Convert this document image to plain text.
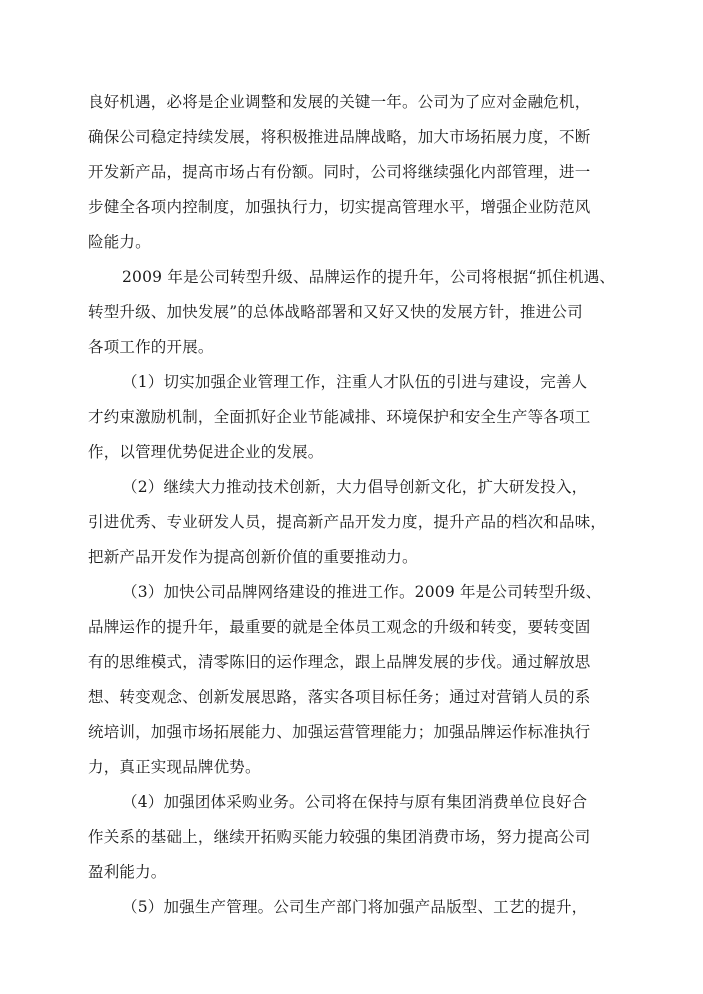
良好机遇，必将是企业调整和发展的关键一年。公司为了应对金融危机，
确保公司稳定持续发展，将积极推进品牌战略，加大市场拓展力度，不断
开发新产品，提高市场占有份额。同时，公司将继续强化内部管理，进一
步健全各项内控制度，加强执行力，切实提高管理水平，增强企业防范风
险能力。
2009 年是公司转型升级、品牌运作的提升年，公司将根据“抓住机遇、
转型升级、加快发展”的总体战略部署和又好又快的发展方针，推进公司
各项工作的开展。
（1）切实加强企业管理工作，注重人才队伍的引进与建设，完善人
才约束激励机制，全面抓好企业节能减排、环境保护和安全生产等各项工
作，以管理优势促进企业的发展。
（2）继续大力推动技术创新，大力倡导创新文化，扩大研发投入，
引进优秀、专业研发人员，提高新产品开发力度，提升产品的档次和品味，
把新产品开发作为提高创新价值的重要推动力。
（3）加快公司品牌网络建设的推进工作。2009 年是公司转型升级、
品牌运作的提升年，最重要的就是全体员工观念的升级和转变，要转变固
有的思维模式，清零陈旧的运作理念，跟上品牌发展的步伐。通过解放思
想、转变观念、创新发展思路，落实各项目标任务；通过对营销人员的系
统培训，加强市场拓展能力、加强运营管理能力；加强品牌运作标准执行
力，真正实现品牌优势。
（4）加强团体采购业务。公司将在保持与原有集团消费单位良好合
作关系的基础上，继续开拓购买能力较强的集团消费市场，努力提高公司
盈利能力。
（5）加强生产管理。公司生产部门将加强产品版型、工艺的提升，
